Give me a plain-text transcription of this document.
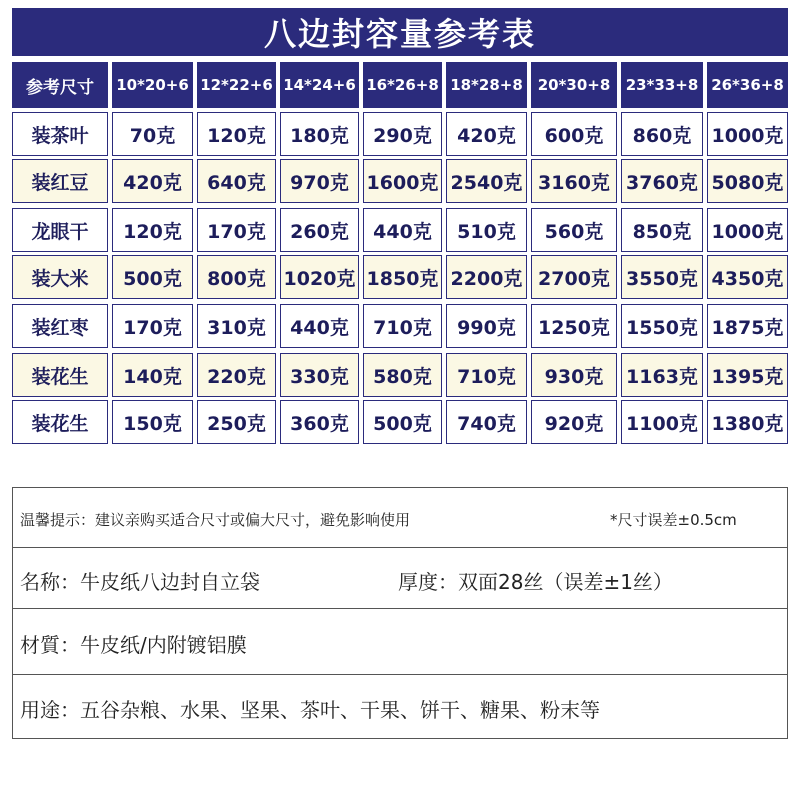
八边封容量参考表
参考尺寸	10*20+6 12*22+6 14*24+6 16*26+8 18*28+8 20*30+8	23*33+8 26*36+8
装茶叶	70克	120克	180克	290克	420克	600克	860克	1000克
装红豆	420克	640克	970克 1600克 2540克 3160克 3760克 5080克
龙眼干	120克	170克	260克	440克	510克	560克	850克	1000克
装大米	500克	800克 1020克 1850克 2200克 2700克 3550克 4350克
装红枣	170克	310克	440克	710克	990克	1250克 1550克 1875克
装花生	140克	220克	330克	580克	710克	930克	1163克 1395克
装花生	150克	250克	360克	500克	740克	920克	1100克 1380克
温馨提示：建议亲购买适合尺寸或偏大尺寸，避免影响使用	*尺寸误差±0.5cm
名称：牛皮纸八边封自立袋	厚度：双面28丝（误差±1丝）
材質：牛皮纸/内附镀铝膜
用途：五谷杂粮、水果、坚果、茶叶、干果、饼干、糖果、粉末等
